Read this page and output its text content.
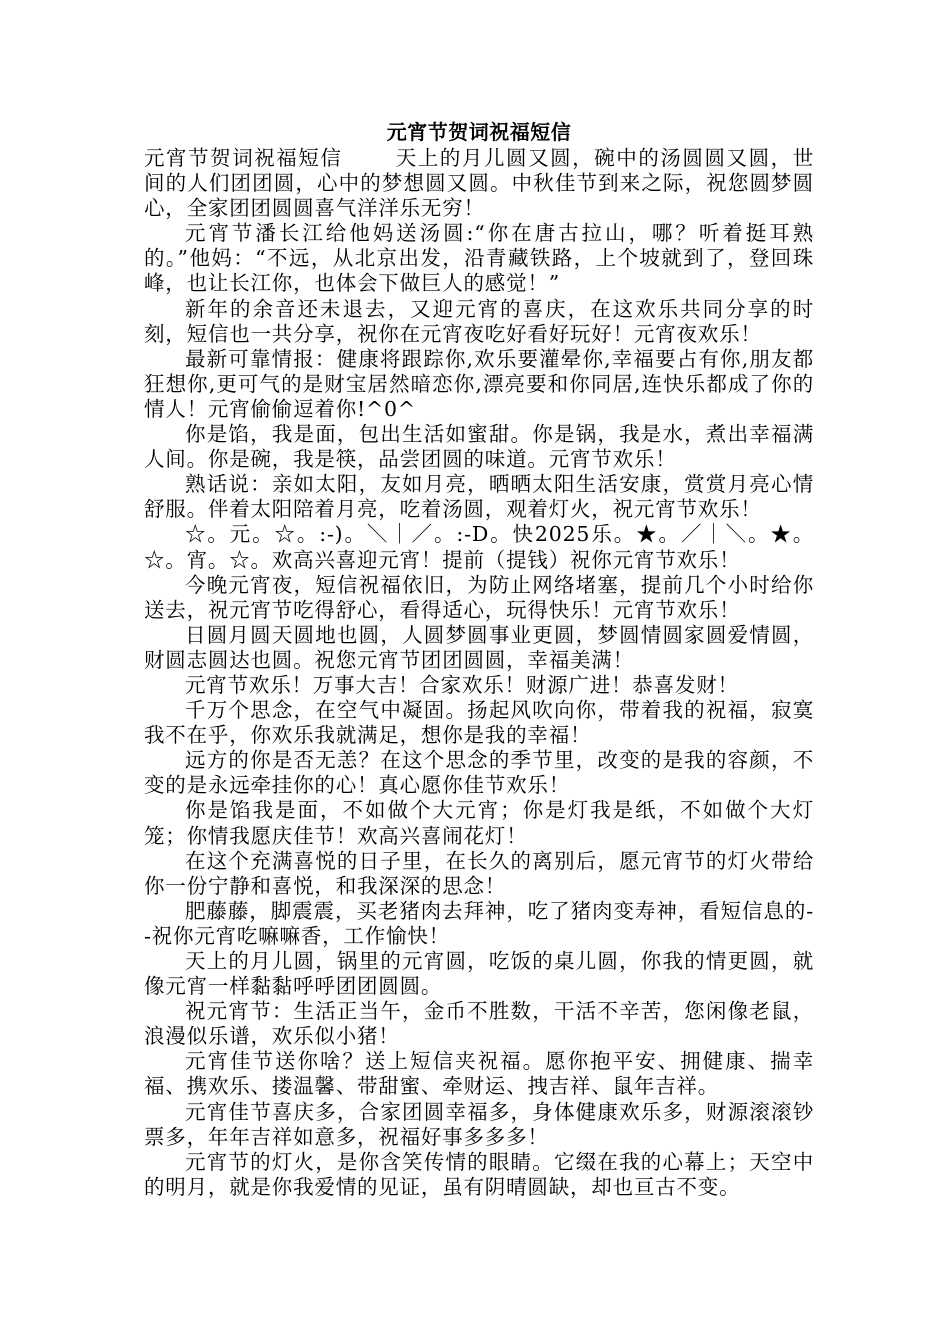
元宵节贺词祝福短信

元宵节贺词祝福短信	天上的月儿圆又圆，碗中的汤圆圆又圆，世间的人们团团圆，心中的梦想圆又圆。中秋佳节到来之际，祝您圆梦圆心，全家团团圆圆喜气洋洋乐无穷！

元宵节潘长江给他妈送汤圆:“你在唐古拉山，哪？听着挺耳熟的。”他妈：“不远，从北京出发，沿青藏铁路，上个坡就到了，登回珠峰，也让长江你，也体会下做巨人的感觉！”

新年的余音还未退去，又迎元宵的喜庆，在这欢乐共同分享的时刻，短信也一共分享，祝你在元宵夜吃好看好玩好！元宵夜欢乐！

最新可靠情报：健康将跟踪你,欢乐要灌晕你,幸福要占有你,朋友都狂想你,更可气的是财宝居然暗恋你,漂亮要和你同居,连快乐都成了你的情人！元宵偷偷逗着你!^0^

你是馅，我是面，包出生活如蜜甜。你是锅，我是水，煮出幸福满人间。你是碗，我是筷，品尝团圆的味道。元宵节欢乐！

熟话说：亲如太阳，友如月亮，晒晒太阳生活安康，赏赏月亮心情舒服。伴着太阳陪着月亮，吃着汤圆，观着灯火，祝元宵节欢乐！

☆。元。☆。:-)。＼｜／。:-D。快2025乐。★。／｜＼。★。☆。宵。☆。欢高兴喜迎元宵！提前（提钱）祝你元宵节欢乐！

今晚元宵夜，短信祝福依旧，为防止网络堵塞，提前几个小时给你送去，祝元宵节吃得舒心，看得适心，玩得快乐！元宵节欢乐！

日圆月圆天圆地也圆，人圆梦圆事业更圆，梦圆情圆家圆爱情圆，财圆志圆达也圆。祝您元宵节团团圆圆，幸福美满！

元宵节欢乐！万事大吉！合家欢乐！财源广进！恭喜发财！

千万个思念，在空气中凝固。扬起风吹向你，带着我的祝福，寂寞我不在乎，你欢乐我就满足，想你是我的幸福！

远方的你是否无恙？在这个思念的季节里，改变的是我的容颜，不变的是永远牵挂你的心！真心愿你佳节欢乐！

你是馅我是面，不如做个大元宵；你是灯我是纸，不如做个大灯笼；你情我愿庆佳节！欢高兴喜闹花灯！

在这个充满喜悦的日子里，在长久的离别后，愿元宵节的灯火带给你一份宁静和喜悦，和我深深的思念！

肥藤藤，脚震震，买老猪肉去拜神，吃了猪肉变寿神，看短信息的--祝你元宵吃嘛嘛香，工作愉快！

天上的月儿圆，锅里的元宵圆，吃饭的桌儿圆，你我的情更圆，就像元宵一样黏黏呼呼团团圆圆。

祝元宵节：生活正当午，金币不胜数，干活不辛苦，您闲像老鼠，浪漫似乐谱，欢乐似小猪！

元宵佳节送你啥？送上短信夹祝福。愿你抱平安、拥健康、揣幸福、携欢乐、搂温馨、带甜蜜、牵财运、拽吉祥、鼠年吉祥。

元宵佳节喜庆多，合家团圆幸福多，身体健康欢乐多，财源滚滚钞票多，年年吉祥如意多，祝福好事多多多！

元宵节的灯火，是你含笑传情的眼睛。它缀在我的心幕上；天空中的明月，就是你我爱情的见证，虽有阴晴圆缺，却也亘古不变。
